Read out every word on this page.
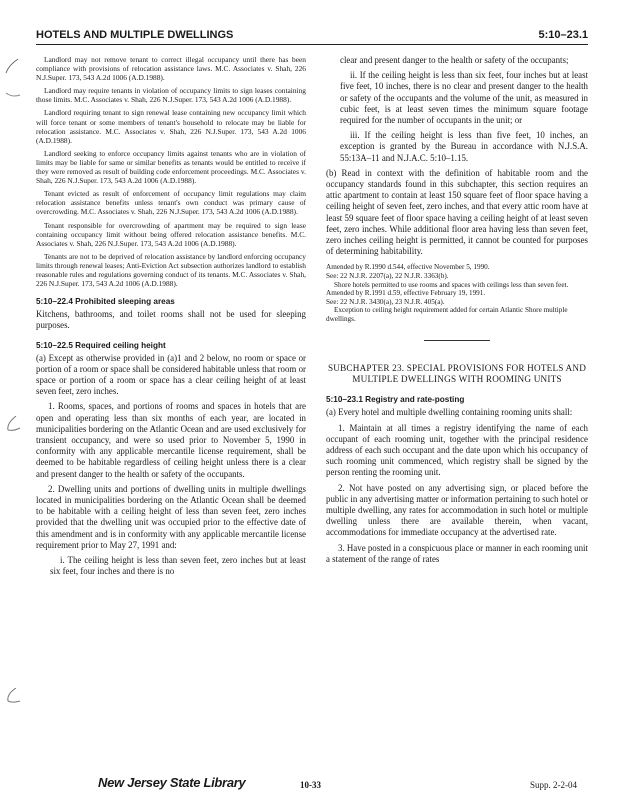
HOTELS AND MULTIPLE DWELLINGS	5:10–23.1

Landlord may not remove tenant to correct illegal occupancy until there has been compliance with provisions of relocation assistance laws. M.C. Associates v. Shah, 226 N.J.Super. 173, 543 A.2d 1006 (A.D.1988).

Landlord may require tenants in violation of occupancy limits to sign leases containing those limits. M.C. Associates v. Shah, 226 N.J.Super. 173, 543 A.2d 1006 (A.D.1988).

Landlord requiring tenant to sign renewal lease containing new occupancy limit which will force tenant or some members of tenant's household to relocate may be liable for relocation assistance. M.C. Associates v. Shah, 226 N.J.Super. 173, 543 A.2d 1006 (A.D.1988).

Landlord seeking to enforce occupancy limits against tenants who are in violation of limits may be liable for same or similar benefits as tenants would be entitled to receive if they were removed as result of building code enforcement proceedings. M.C. Associates v. Shah, 226 N.J.Super. 173, 543 A.2d 1006 (A.D.1988).

Tenant evicted as result of enforcement of occupancy limit regulations may claim relocation assistance benefits unless tenant's own conduct was primary cause of overcrowding. M.C. Associates v. Shah, 226 N.J.Super. 173, 543 A.2d 1006 (A.D.1988).

Tenant responsible for overcrowding of apartment may be required to sign lease containing occupancy limit without being offered relocation assistance benefits. M.C. Associates v. Shah, 226 N.J.Super. 173, 543 A.2d 1006 (A.D.1988).

Tenants are not to be deprived of relocation assistance by landlord enforcing occupancy limits through renewal leases; Anti-Eviction Act subsection authorizes landlord to establish reasonable rules and regulations governing conduct of its tenants. M.C. Associates v. Shah, 226 N.J.Super. 173, 543 A.2d 1006 (A.D.1988).

5:10–22.4 Prohibited sleeping areas

Kitchens, bathrooms, and toilet rooms shall not be used for sleeping purposes.

5:10–22.5 Required ceiling height

(a) Except as otherwise provided in (a)1 and 2 below, no room or space or portion of a room or space shall be considered habitable unless that room or space or portion of a room or space has a clear ceiling height of at least seven feet, zero inches.

1. Rooms, spaces, and portions of rooms and spaces in hotels that are open and operating less than six months of each year, are located in municipalities bordering on the Atlantic Ocean and are used exclusively for transient occupancy, and were so used prior to November 5, 1990 in conformity with any applicable mercantile license requirement, shall be deemed to be habitable regardless of ceiling height unless there is a clear and present danger to the health or safety of the occupants.

2. Dwelling units and portions of dwelling units in multiple dwellings located in municipalities bordering on the Atlantic Ocean shall be deemed to be habitable with a ceiling height of less than seven feet, zero inches provided that the dwelling unit was occupied prior to the effective date of this amendment and is in conformity with any applicable mercantile license requirement prior to May 27, 1991 and:

i. The ceiling height is less than seven feet, zero inches but at least six feet, four inches and there is no

clear and present danger to the health or safety of the occupants;

ii. If the ceiling height is less than six feet, four inches but at least five feet, 10 inches, there is no clear and present danger to the health or safety of the occupants and the volume of the unit, as measured in cubic feet, is at least seven times the minimum square footage required for the number of occupants in the unit; or

iii. If the ceiling height is less than five feet, 10 inches, an exception is granted by the Bureau in accordance with N.J.S.A. 55:13A–11 and N.J.A.C. 5:10–1.15.

(b) Read in context with the definition of habitable room and the occupancy standards found in this subchapter, this section requires an attic apartment to contain at least 150 square feet of floor space having a ceiling height of seven feet, zero inches, and that every attic room have at least 59 square feet of floor space having a ceiling height of at least seven feet, zero inches. While additional floor area having less than seven feet, zero inches ceiling height is permitted, it cannot be counted for purposes of determining habitability.

Amended by R.1990 d.544, effective November 5, 1990.

See: 22 N.J.R. 2207(a), 22 N.J.R. 3363(b).

Shore hotels permitted to use rooms and spaces with ceilings less than seven feet.

Amended by R.1991 d.59, effective February 19, 1991.

See: 22 N.J.R. 3430(a), 23 N.J.R. 405(a).

Exception to ceiling height requirement added for certain Atlantic Shore multiple dwellings.

SUBCHAPTER 23. SPECIAL PROVISIONS FOR HOTELS AND MULTIPLE DWELLINGS WITH ROOMING UNITS

5:10–23.1 Registry and rate-posting

(a) Every hotel and multiple dwelling containing rooming units shall:

1. Maintain at all times a registry identifying the name of each occupant of each rooming unit, together with the principal residence address of each such occupant and the date upon which his occupancy of such rooming unit commenced, which registry shall be signed by the person renting the rooming unit.

2. Not have posted on any advertising sign, or placed before the public in any advertising matter or information pertaining to such hotel or multiple dwelling, any rates for accommodation in such hotel or multiple dwelling unless there are available therein, when vacant, accommodations for immediate occupancy at the advertised rate.

3. Have posted in a conspicuous place or manner in each rooming unit a statement of the range of rates

New Jersey State Library	10-33	Supp. 2-2-04
